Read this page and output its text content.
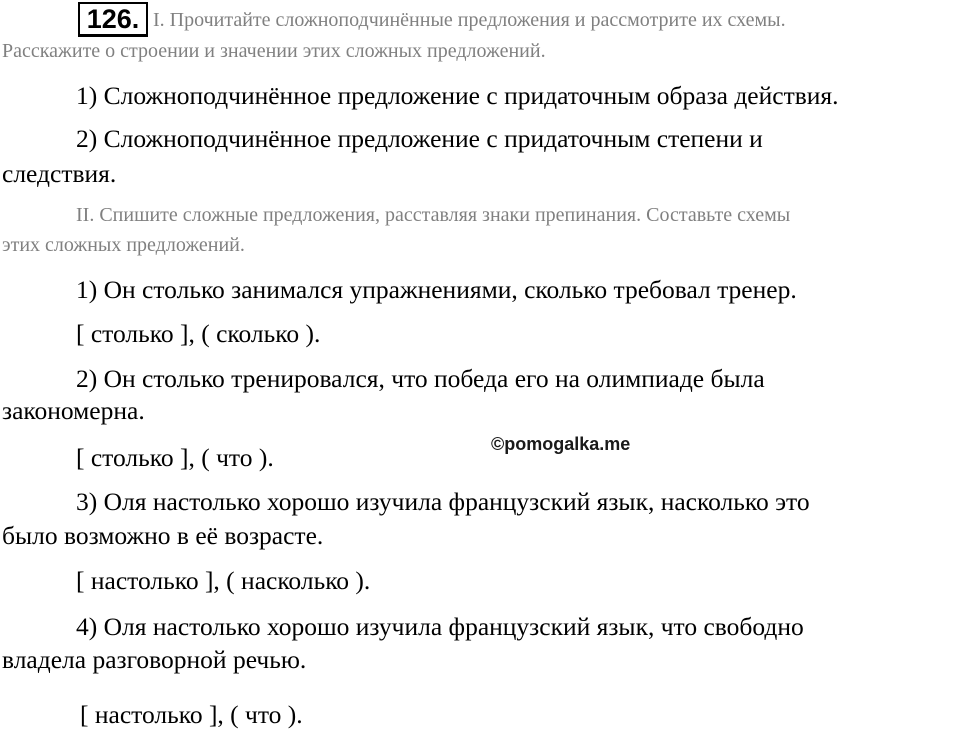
126. I. Прочитайте сложноподчинённые предложения и рассмотрите их схемы.
Расскажите о строении и значении этих сложных предложений.
1) Сложноподчинённое предложение с придаточным образа действия.
2) Сложноподчинённое предложение с придаточным степени и
следствия.
II. Спишите сложные предложения, расставляя знаки препинания. Составьте схемы
этих сложных предложений.
1) Он столько занимался упражнениями, сколько требовал тренер.
[ столько ], ( сколько ).
2) Он столько тренировался, что победа его на олимпиаде была
закономерна.
[ столько ], ( что ).
3) Оля настолько хорошо изучила французский язык, насколько это
было возможно в её возрасте.
[ настолько ], ( насколько ).
4) Оля настолько хорошо изучила французский язык, что свободно
владела разговорной речью.
[ настолько ], ( что ).
©pomogalka.me
